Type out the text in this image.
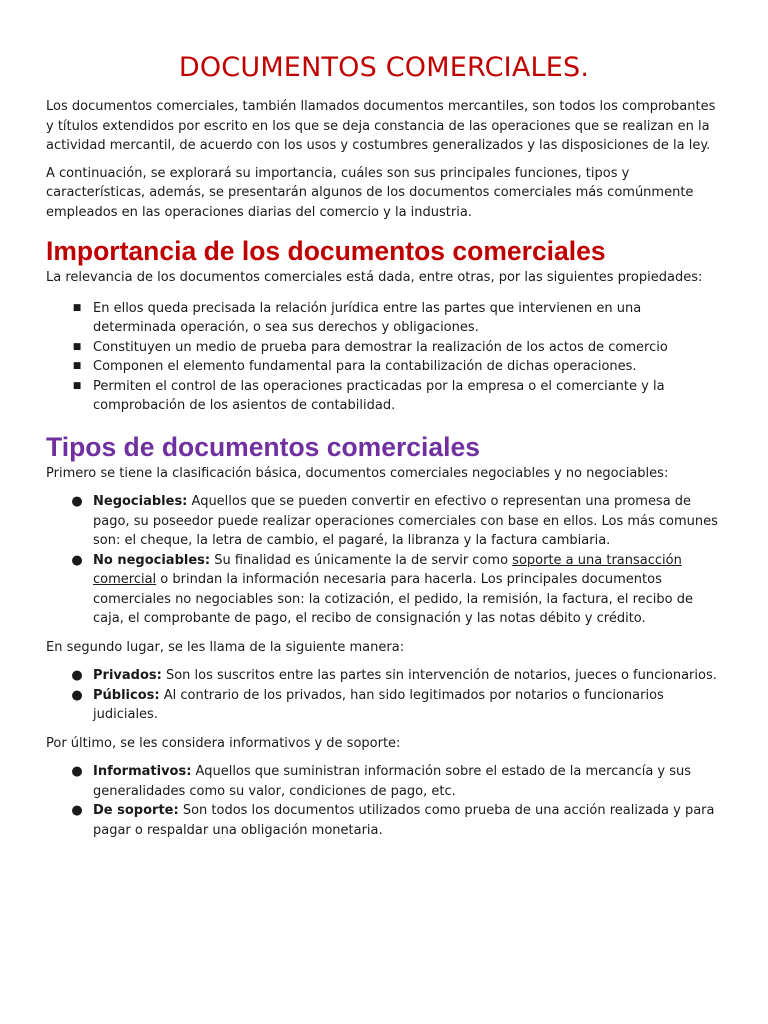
DOCUMENTOS COMERCIALES.

Los documentos comerciales, también llamados documentos mercantiles, son todos los comprobantes y títulos extendidos por escrito en los que se deja constancia de las operaciones que se realizan en la actividad mercantil, de acuerdo con los usos y costumbres generalizados y las disposiciones de la ley.

A continuación, se explorará su importancia, cuáles son sus principales funciones, tipos y características, además, se presentarán algunos de los documentos comerciales más comúnmente empleados en las operaciones diarias del comercio y la industria.

Importancia de los documentos comerciales

La relevancia de los documentos comerciales está dada, entre otras, por las siguientes propiedades:

■ En ellos queda precisada la relación jurídica entre las partes que intervienen en una determinada operación, o sea sus derechos y obligaciones.
■ Constituyen un medio de prueba para demostrar la realización de los actos de comercio
■ Componen el elemento fundamental para la contabilización de dichas operaciones.
■ Permiten el control de las operaciones practicadas por la empresa o el comerciante y la comprobación de los asientos de contabilidad.
Tipos de documentos comerciales

Primero se tiene la clasificación básica, documentos comerciales negociables y no negociables:

● Negociables: Aquellos que se pueden convertir en efectivo o representan una promesa de pago, su poseedor puede realizar operaciones comerciales con base en ellos. Los más comunes son: el cheque, la letra de cambio, el pagaré, la libranza y la factura cambiaria.
● No negociables: Su finalidad es únicamente la de servir como soporte a una transacción comercial o brindan la información necesaria para hacerla. Los principales documentos comerciales no negociables son: la cotización, el pedido, la remisión, la factura, el recibo de caja, el comprobante de pago, el recibo de consignación y las notas débito y crédito.

En segundo lugar, se les llama de la siguiente manera:

● Privados: Son los suscritos entre las partes sin intervención de notarios, jueces o funcionarios.
● Públicos: Al contrario de los privados, han sido legitimados por notarios o funcionarios judiciales.

Por último, se les considera informativos y de soporte:

● Informativos: Aquellos que suministran información sobre el estado de la mercancía y sus generalidades como su valor, condiciones de pago, etc.
● De soporte: Son todos los documentos utilizados como prueba de una acción realizada y para pagar o respaldar una obligación monetaria.
